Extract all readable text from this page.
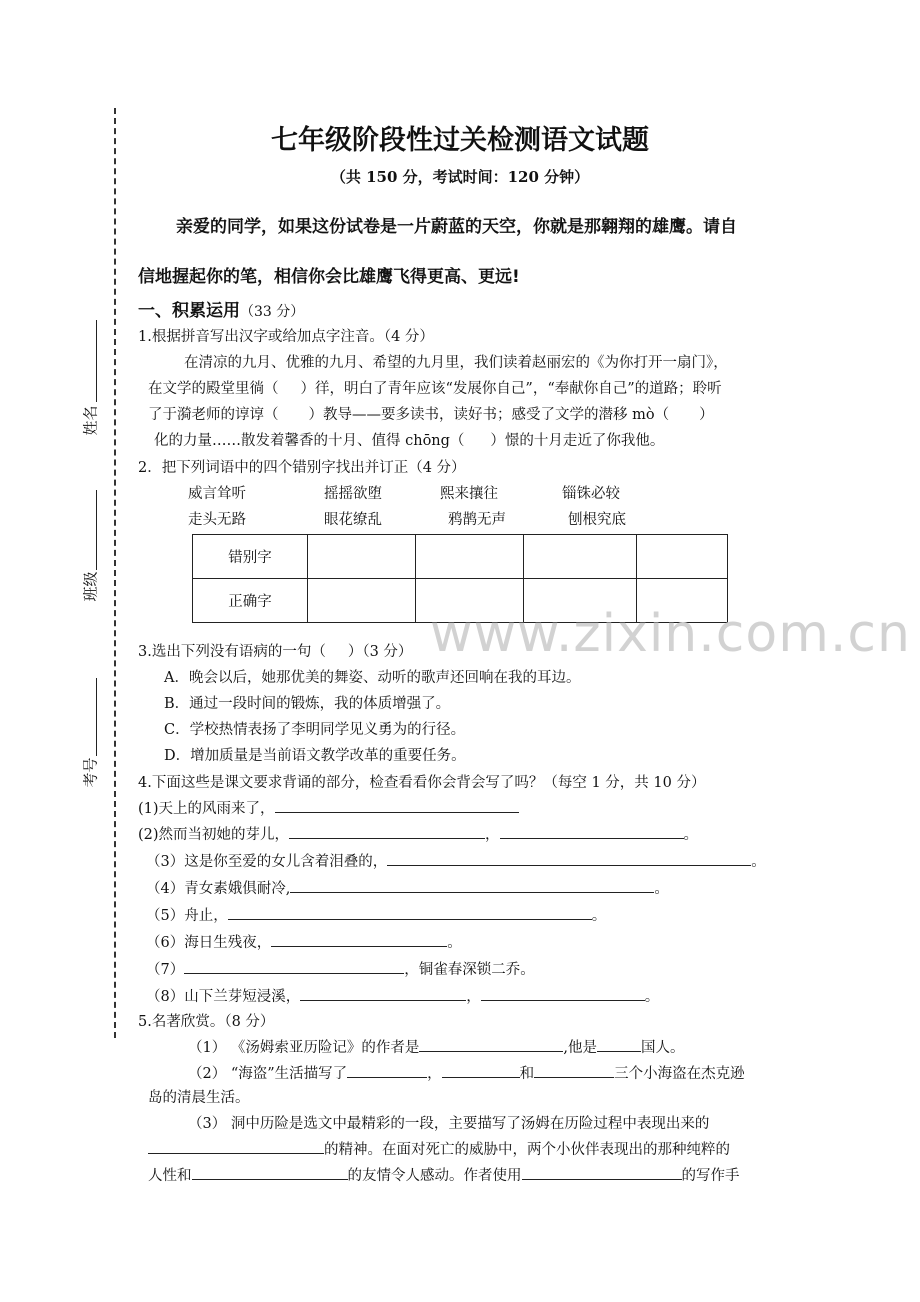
姓名
班级
考号
七年级阶段性过关检测语文试题
（共 150 分，考试时间：120 分钟）
亲爱的同学，如果这份试卷是一片蔚蓝的天空，你就是那翱翔的雄鹰。请自
信地握起你的笔，相信你会比雄鹰飞得更高、更远!
一、积累运用（33 分）
1.根据拼音写出汉字或给加点字注音。（4 分）
在清凉的九月、优雅的九月、希望的九月里，我们读着赵丽宏的《为你打开一扇门》，
在文学的殿堂里徜（ ）徉，明白了青年应该“发展你自己”，“奉献你自己”的道路；聆听
了于漪老师的谆谆（ ）教导——要多读书，读好书；感受了文学的潜移 mò（ ）
化的力量……散发着馨香的十月、值得 chōng（ ）憬的十月走近了你我他。
2．把下列词语中的四个错别字找出并订正（4 分）
威言耸听	摇摇欲堕	熙来攘往	锱铢必较
走头无路	眼花缭乱	鸦鹊无声	刨根究底
错别字				
正确字				
www.zixin.com.cn
3.选出下列没有语病的一句（ ）（3 分）
A．晚会以后，她那优美的舞姿、动听的歌声还回响在我的耳边。
B．通过一段时间的锻炼，我的体质增强了。
C．学校热情表扬了李明同学见义勇为的行径。
D．增加质量是当前语文教学改革的重要任务。
4.下面这些是课文要求背诵的部分，检查看看你会背会写了吗？（每空 1 分，共 10 分）
(1)天上的风雨来了，
(2)然而当初她的芽儿，	，	。
（3）这是你至爱的女儿含着泪叠的，	。
（4）青女素娥俱耐冷,	。
（5）舟止，	。
（6）海日生残夜，	。
（7）	，铜雀春深锁二乔。
（8）山下兰芽短浸溪，	，	。
5.名著欣赏。（8 分）
（1） 《汤姆索亚历险记》的作者是	,他是	国人。
（2） “海盗”生活描写了	，	和	三个小海盗在杰克逊
岛的清晨生活。
（3） 洞中历险是选文中最精彩的一段，主要描写了汤姆在历险过程中表现出来的
的精神。在面对死亡的威胁中，两个小伙伴表现出的那种纯粹的
人性和	的友情令人感动。作者使用	的写作手
